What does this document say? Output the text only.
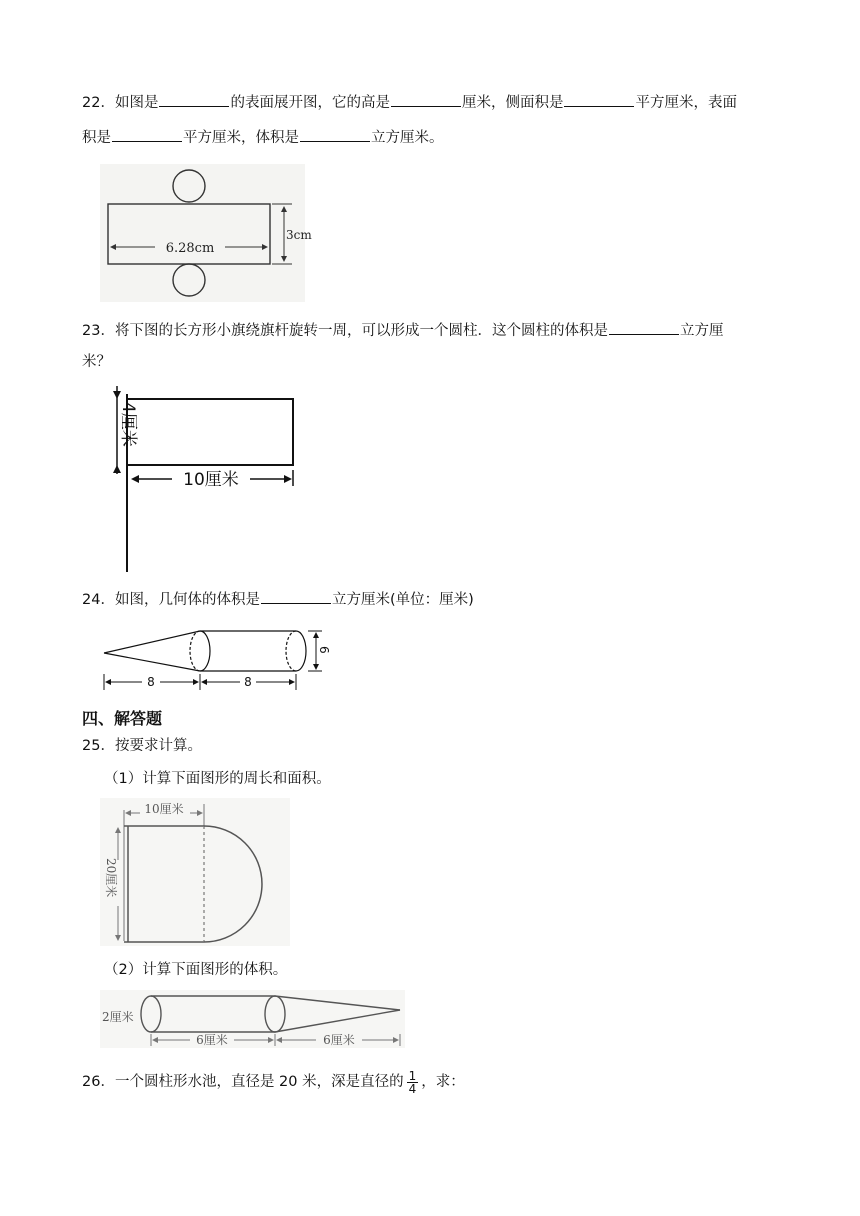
22．如图是	的表面展开图，它的高是	厘米，侧面积是	平方厘米，表面
积是	平方厘米，体积是	立方厘米。
6.28cm
3cm
23．将下图的长方形小旗绕旗杆旋转一周，可以形成一个圆柱．这个圆柱的体积是	立方厘
米？
4厘米
10厘米
24．如图，几何体的体积是	立方厘米(单位：厘米)
6
8	8
四、解答题
25．按要求计算。
（1）计算下面图形的周长和面积。
10厘米
20厘米
（2）计算下面图形的体积。
2厘米
6厘米	6厘米
26．一个圆柱形水池，直径是 20 米，深是直径的 $\frac{1}{4}$ ，求：
